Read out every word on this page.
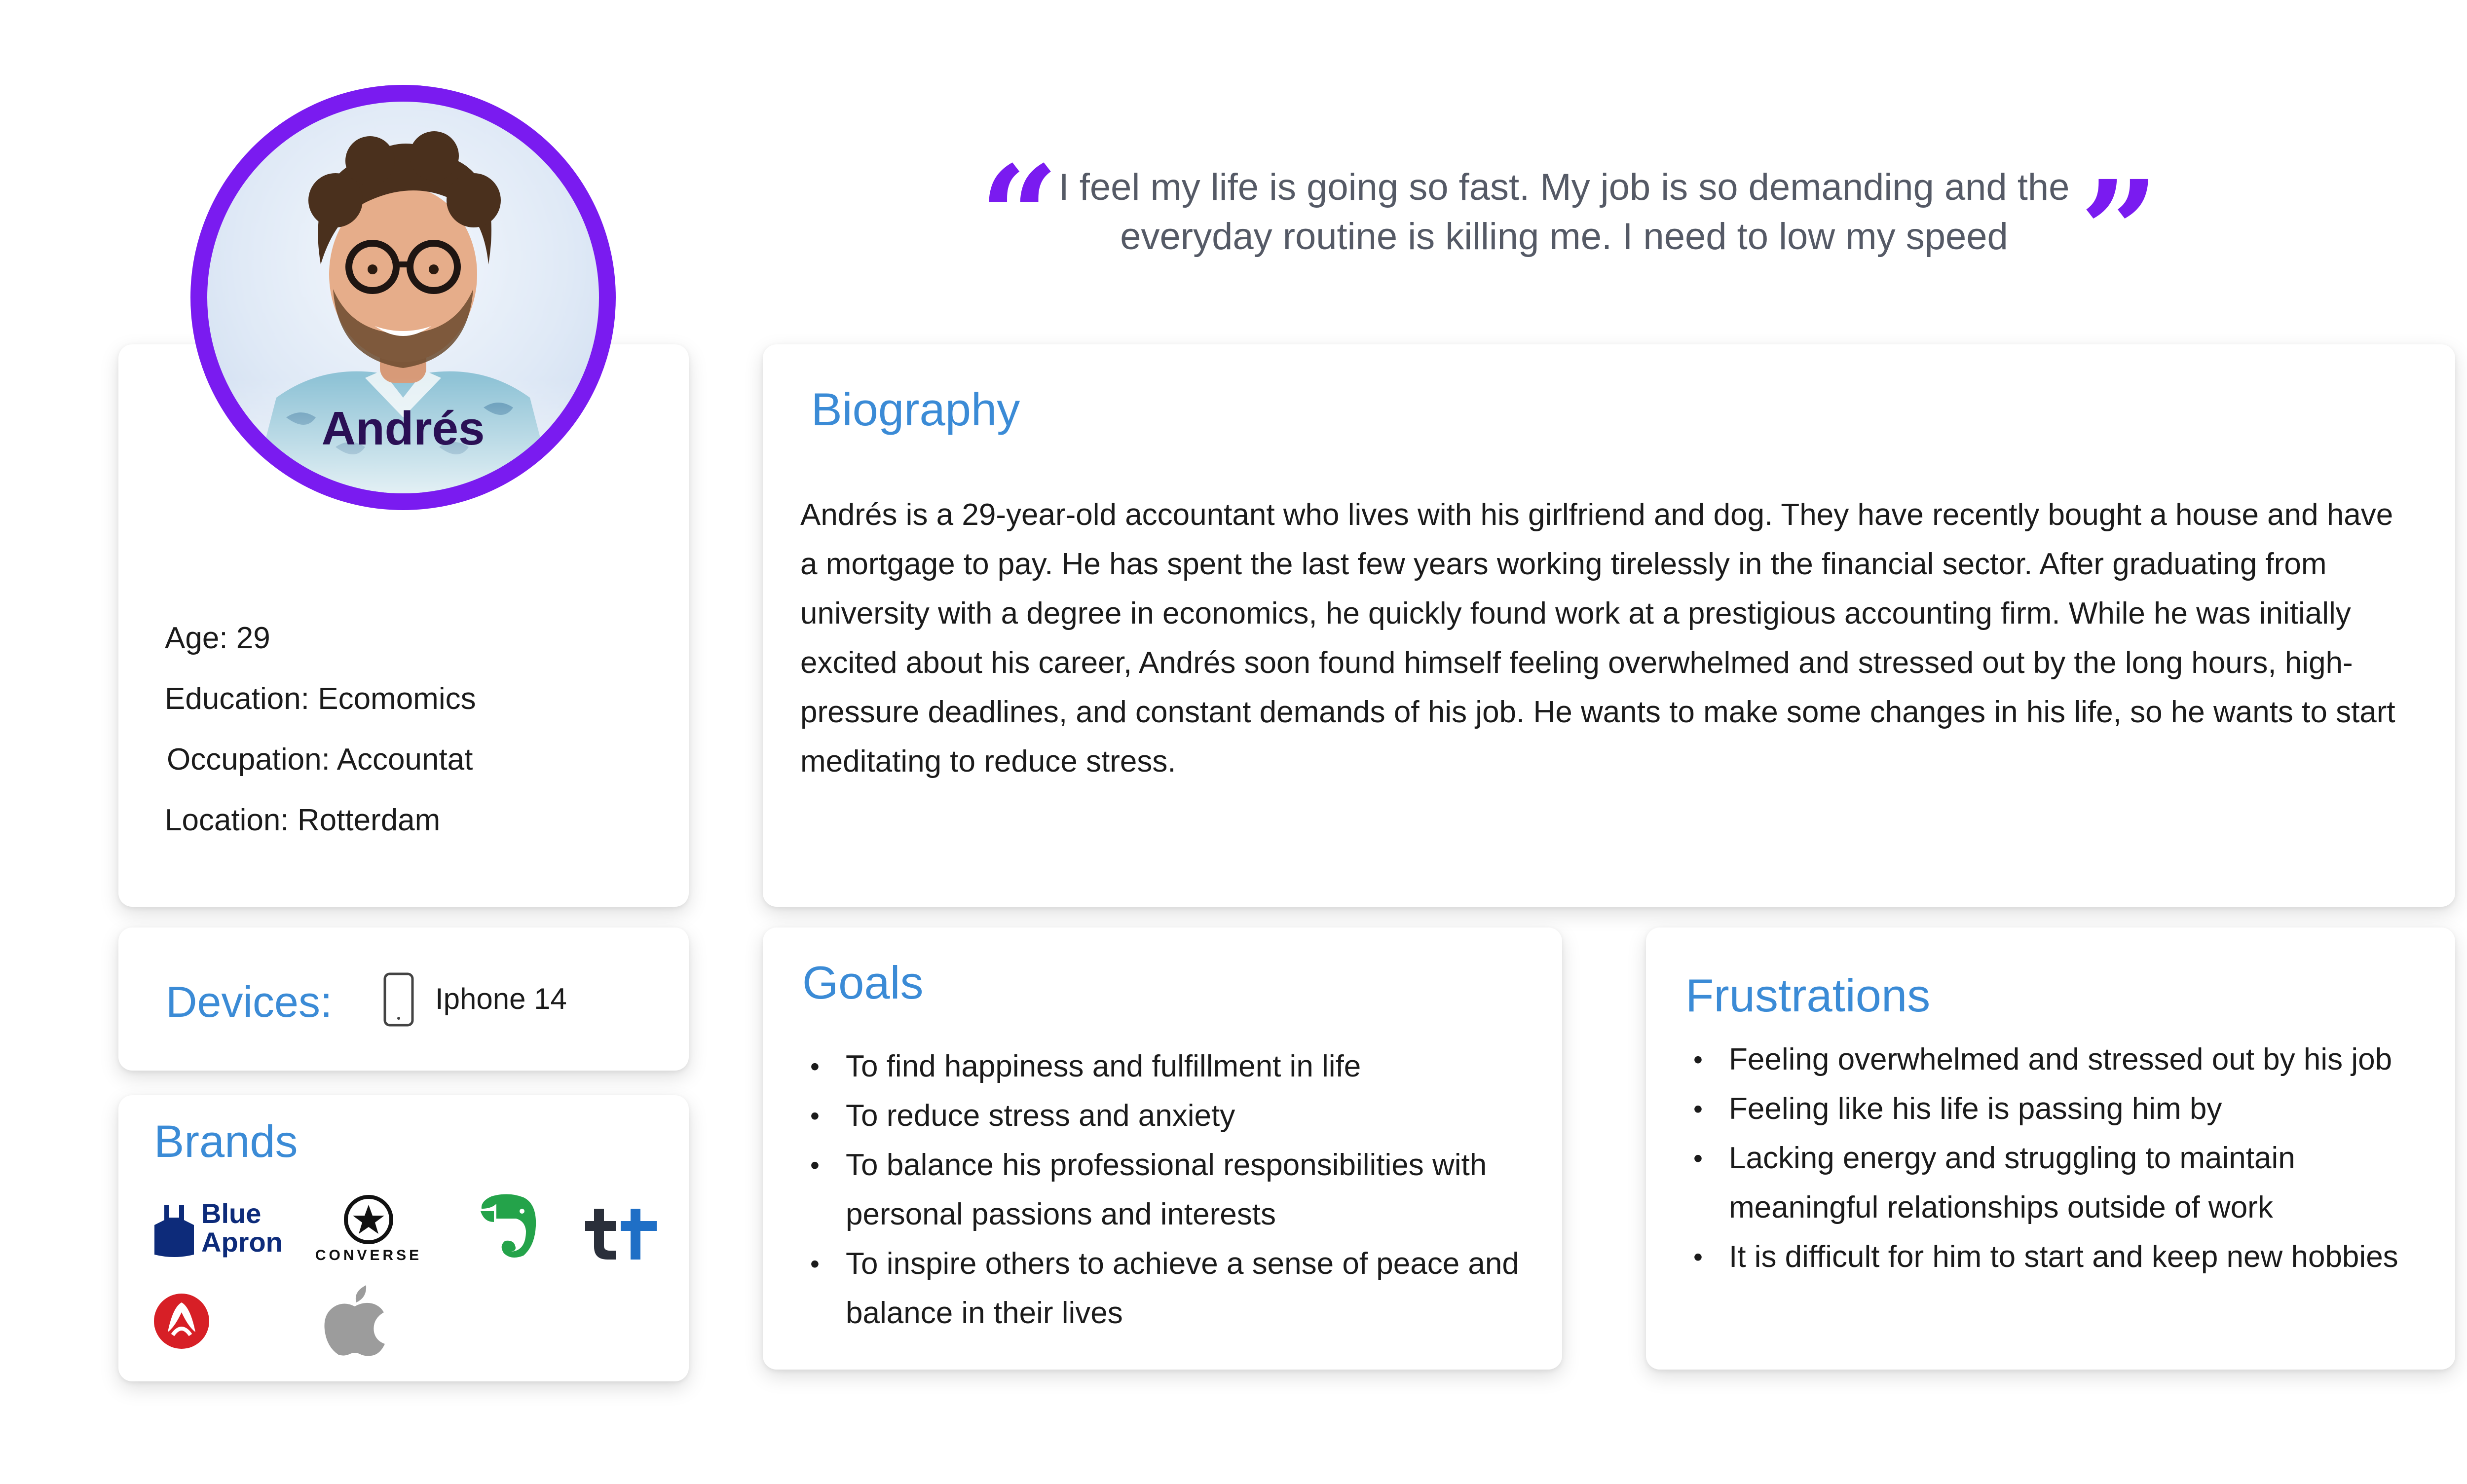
“ I feel my life is going so fast. My job is so demanding and the everyday routine is killing me. I need to low my speed ”
Age: 29
Education: Ecomomics
Occupation: Accountat
Location: Rotterdam
Andrés
Devices:	Iphone 14
Brands
Blue
Apron CONVERSE
Biography
Andrés is a 29-year-old accountant who lives with his girlfriend and dog. They have recently bought a house and have a mortgage to pay. He has spent the last few years working tirelessly in the financial sector. After graduating from university with a degree in economics, he quickly found work at a prestigious accounting firm. While he was initially excited about his career, Andrés soon found himself feeling overwhelmed and stressed out by the long hours, high-pressure deadlines, and constant demands of his job. He wants to make some changes in his life, so he wants to start meditating to reduce stress.
Goals
• To find happiness and fulfillment in life
• To reduce stress and anxiety
• To balance his professional responsibilities with personal passions and interests
• To inspire others to achieve a sense of peace and balance in their lives
Frustrations
• Feeling overwhelmed and stressed out by his job
• Feeling like his life is passing him by
• Lacking energy and struggling to maintain meaningful relationships outside of work
• It is difficult for him to start and keep new hobbies
